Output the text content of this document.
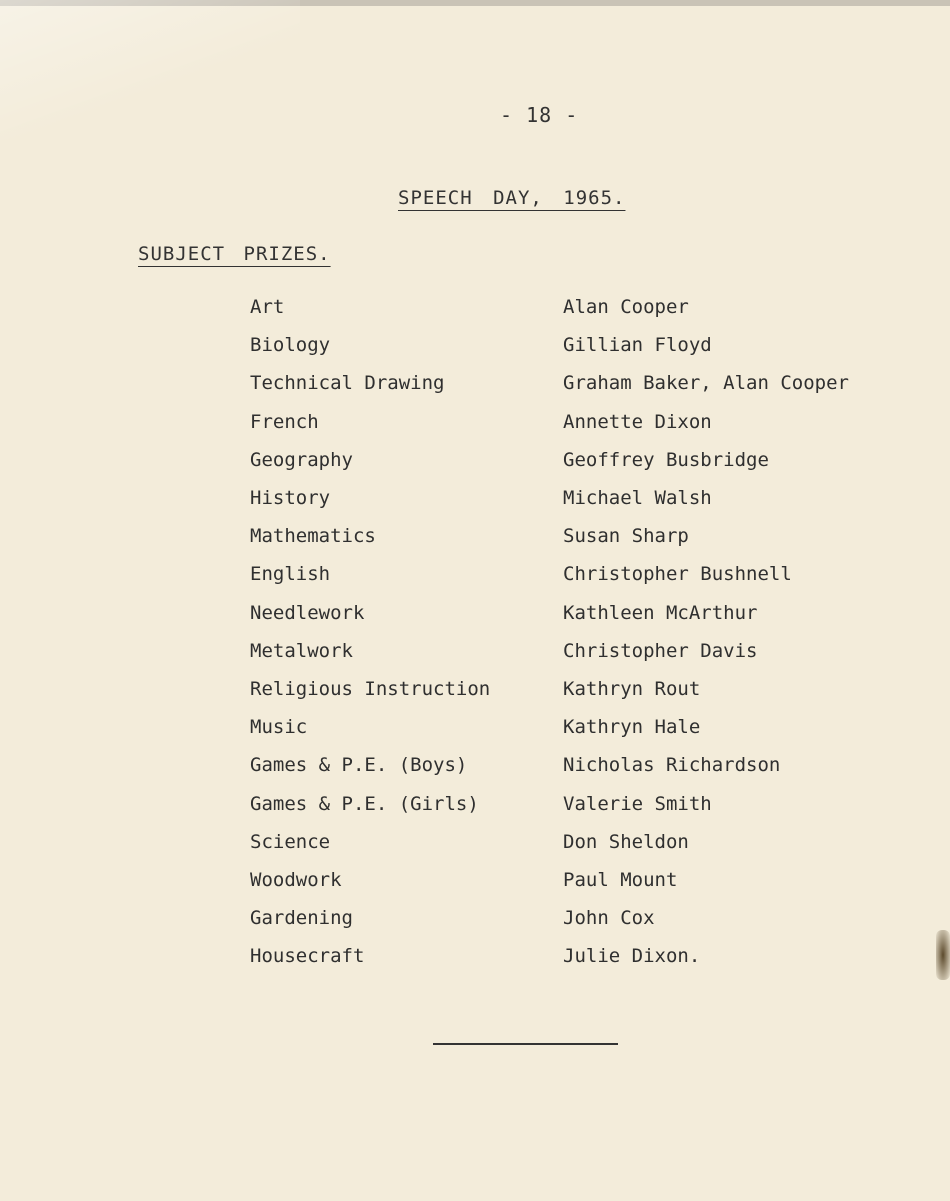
- 18 -
SPEECH DAY, 1965.
SUBJECT PRIZES.
Art	Alan Cooper
Biology	Gillian Floyd
Technical Drawing	Graham Baker, Alan Cooper
French	Annette Dixon
Geography	Geoffrey Busbridge
History	Michael Walsh
Mathematics	Susan Sharp
English	Christopher Bushnell
Needlework	Kathleen McArthur
Metalwork	Christopher Davis
Religious Instruction	Kathryn Rout
Music	Kathryn Hale
Games & P.E. (Boys)	Nicholas Richardson
Games & P.E. (Girls)	Valerie Smith
Science	Don Sheldon
Woodwork	Paul Mount
Gardening	John Cox
Housecraft	Julie Dixon.
